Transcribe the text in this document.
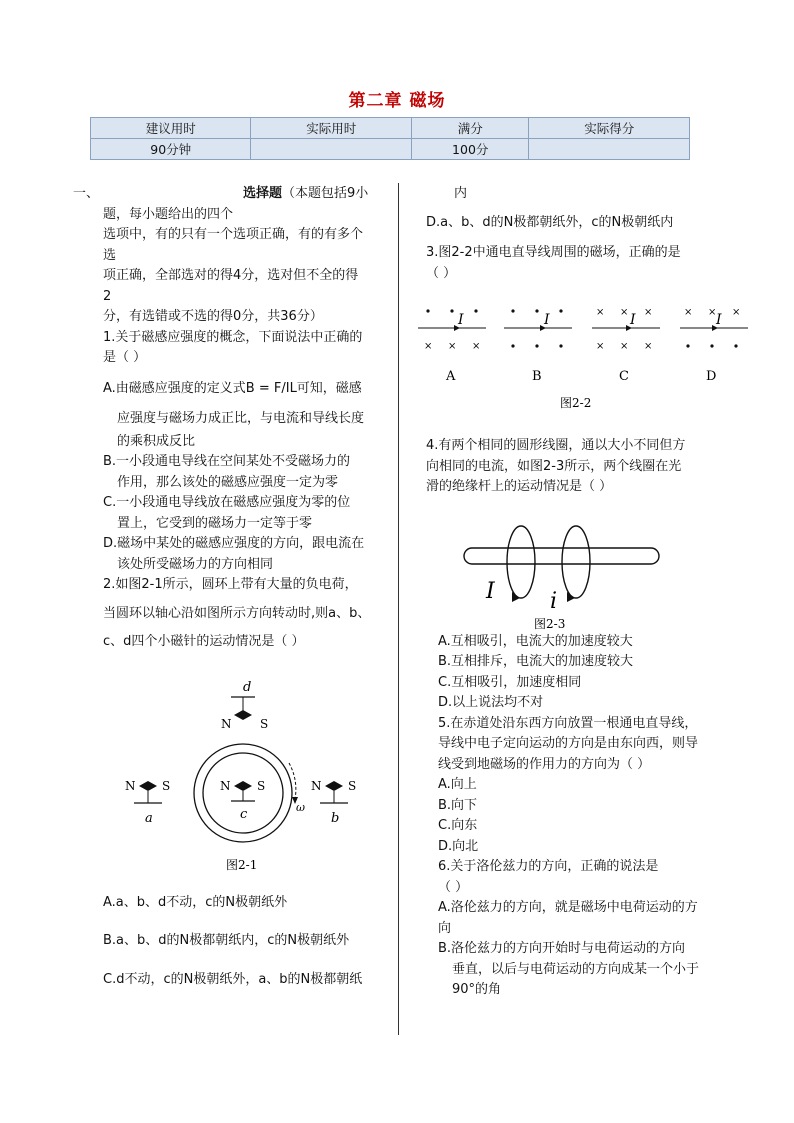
第二章 磁场
建议用时	实际用时	满分	实际得分
90分钟		100分	

一、	选择题 （本题包括9小

题，每小题给出的四个

选项中，有的只有一个选项正确，有的有多个

选

项正确，全部选对的得4分，选对但不全的得

2

分，有选错或不选的得0分，共36分）

1.关于磁感应强度的概念，下面说法中正确的

是（ ）

A.由磁感应强度的定义式B = F/IL可知，磁感

应强度与磁场力成正比，与电流和导线长度

的乘积成反比

B.一小段通电导线在空间某处不受磁场力的

作用，那么该处的磁感应强度一定为零

C.一小段通电导线放在磁感应强度为零的位

置上，它受到的磁场力一定等于零

D.磁场中某处的磁感应强度的方向，跟电流在

该处所受磁场力的方向相同

2.如图2-1所示，圆环上带有大量的负电荷，

当圆环以轴心沿如图所示方向转动时,则a、b、

c、d四个小磁针的运动情况是（ ）

d
N S
ω
N S
c
N S
a
N S
b
图2-1

A.a、b、d不动，c的N极朝纸外

B.a、b、d的N极都朝纸内，c的N极朝纸外

C.d不动，c的N极朝纸外，a、b的N极都朝纸

内

D.a、b、d的N极都朝纸外，c的N极朝纸内

3.图2-2中通电直导线周围的磁场，正确的是

（ ）

I
× × ×
A
I
B
× × ×
I
× × ×
C
× × ×
I
D
图2-2

4.有两个相同的圆形线圈，通以大小不同但方

向相同的电流，如图2-3所示，两个线圈在光

滑的绝缘杆上的运动情况是（ ）

I	i
图2-3

A.互相吸引，电流大的加速度较大

B.互相排斥，电流大的加速度较大

C.互相吸引，加速度相同

D.以上说法均不对

5.在赤道处沿东西方向放置一根通电直导线，

导线中电子定向运动的方向是由东向西，则导

线受到地磁场的作用力的方向为（ ）

A.向上

B.向下

C.向东

D.向北

6.关于洛伦兹力的方向，正确的说法是

（ ）

A.洛伦兹力的方向，就是磁场中电荷运动的方

向

B.洛伦兹力的方向开始时与电荷运动的方向

垂直，以后与电荷运动的方向成某一个小于

90°的角
